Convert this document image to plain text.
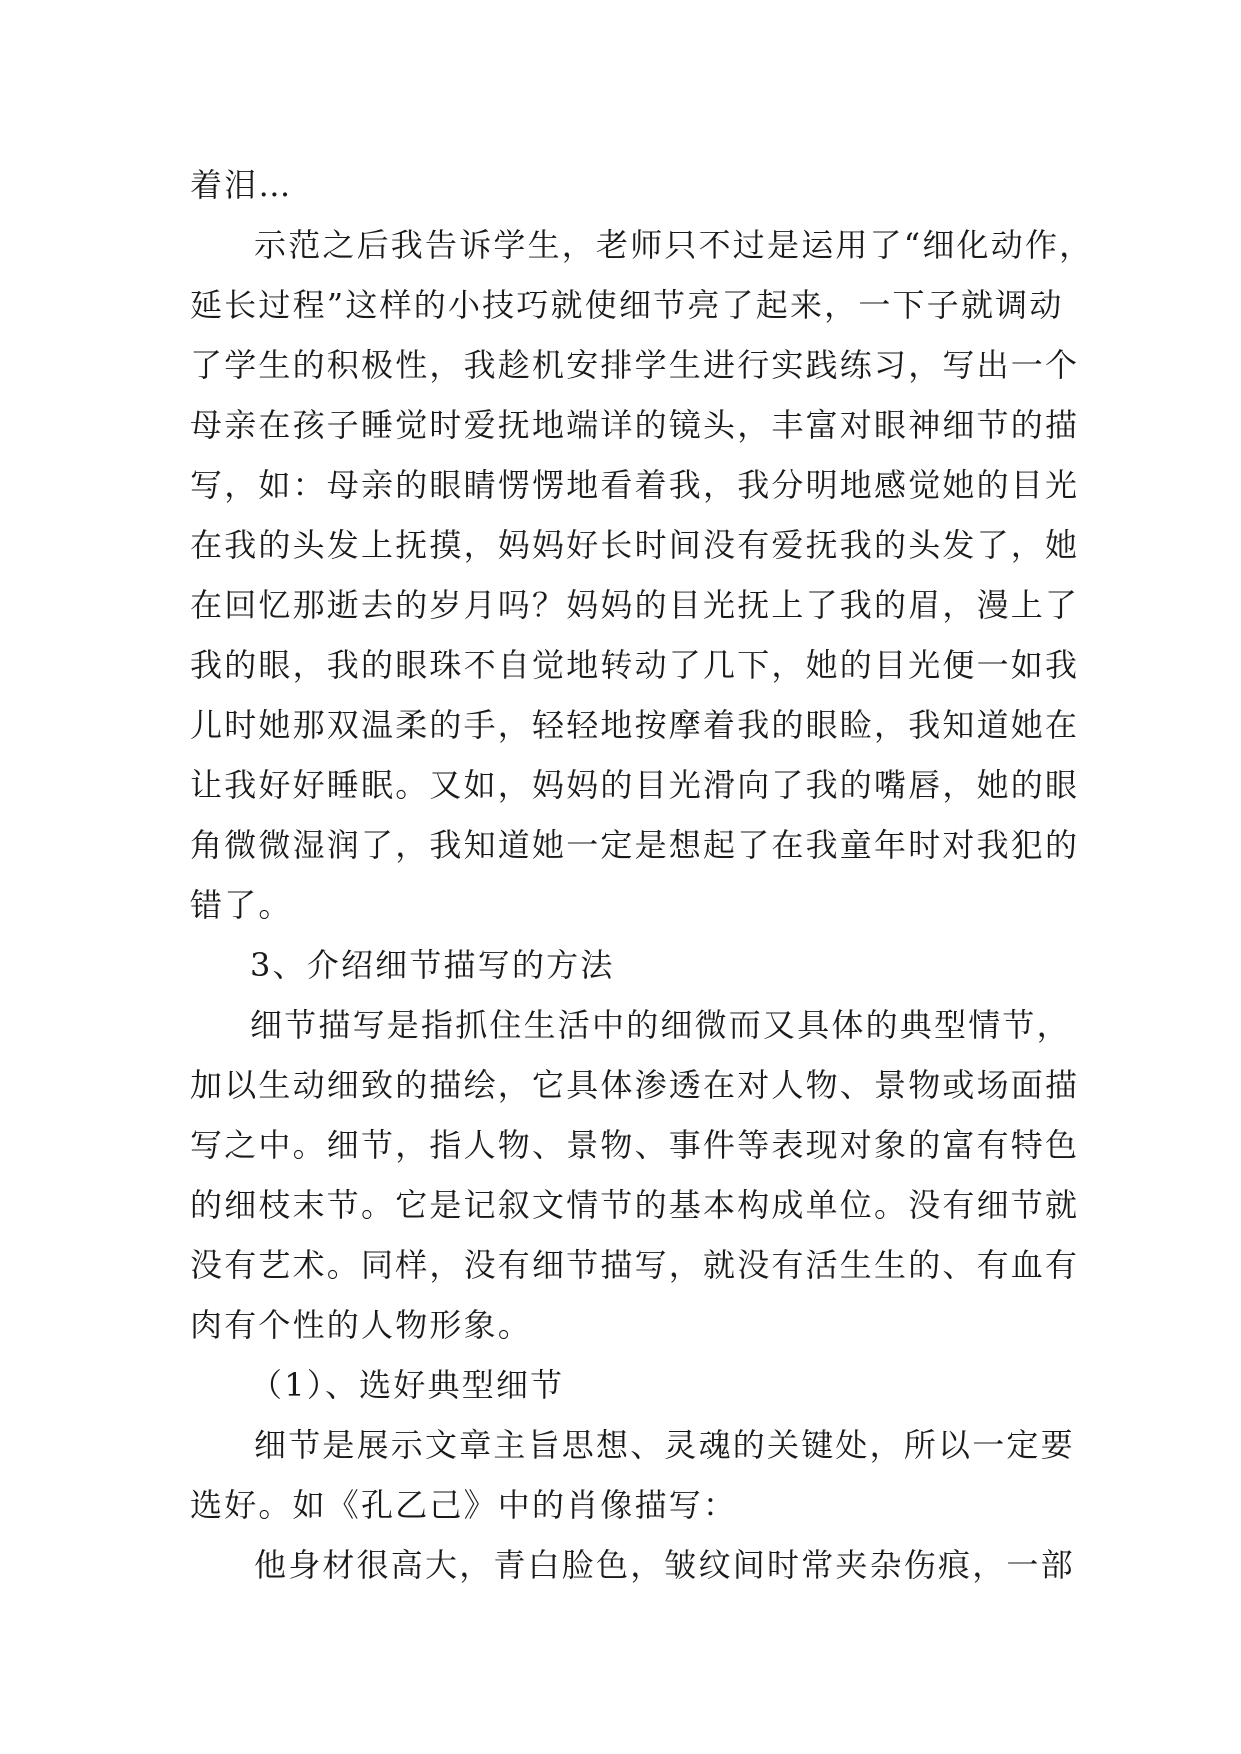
着泪…
示范之后我告诉学生，老师只不过是运用了“细化动作，
延长过程”这样的小技巧就使细节亮了起来，一下子就调动
了学生的积极性，我趁机安排学生进行实践练习，写出一个
母亲在孩子睡觉时爱抚地端详的镜头，丰富对眼神细节的描
写，如：母亲的眼睛愣愣地看着我，我分明地感觉她的目光
在我的头发上抚摸，妈妈好长时间没有爱抚我的头发了，她
在回忆那逝去的岁月吗？妈妈的目光抚上了我的眉，漫上了
我的眼，我的眼珠不自觉地转动了几下，她的目光便一如我
儿时她那双温柔的手，轻轻地按摩着我的眼睑，我知道她在
让我好好睡眠。又如，妈妈的目光滑向了我的嘴唇，她的眼
角微微湿润了，我知道她一定是想起了在我童年时对我犯的
错了。
3、介绍细节描写的方法
细节描写是指抓住生活中的细微而又具体的典型情节，
加以生动细致的描绘，它具体渗透在对人物、景物或场面描
写之中。细节，指人物、景物、事件等表现对象的富有特色
的细枝末节。它是记叙文情节的基本构成单位。没有细节就
没有艺术。同样，没有细节描写，就没有活生生的、有血有
肉有个性的人物形象。
（1）、选好典型细节
细节是展示文章主旨思想、灵魂的关键处，所以一定要
选好。如《孔乙己》中的肖像描写：
他身材很高大，青白脸色，皱纹间时常夹杂伤痕，一部
